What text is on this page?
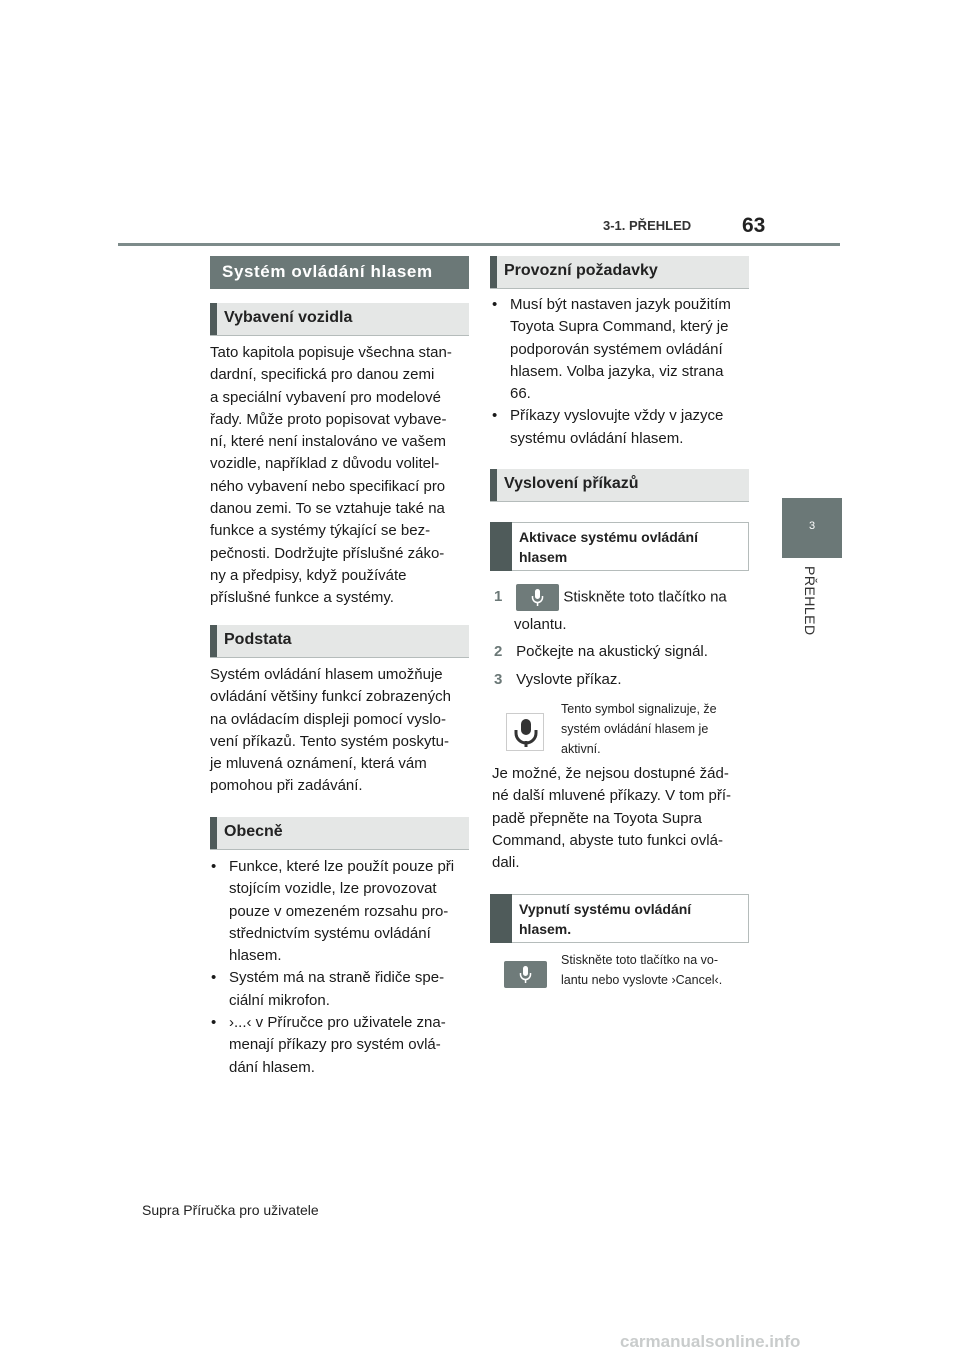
3-1. PŘEHLED 63
3
PŘEHLED
Systém ovládání hlasem
Vybavení vozidla
Tato kapitola popisuje všechna stan-
dardní, specifická pro danou zemi
a speciální vybavení pro modelové
řady. Může proto popisovat vybave-
ní, které není instalováno ve vašem
vozidle, například z důvodu volitel-
ného vybavení nebo specifikací pro
danou zemi. To se vztahuje také na
funkce a systémy týkající se bez-
pečnosti. Dodržujte příslušné záko-
ny a předpisy, když používáte
příslušné funkce a systémy.
Podstata
Systém ovládání hlasem umožňuje
ovládání většiny funkcí zobrazených
na ovládacím displeji pomocí vyslo-
vení příkazů. Tento systém poskytu-
je mluvená oznámení, která vám
pomohou při zadávání.
Obecně
• Funkce, které lze použít pouze při
stojícím vozidle, lze provozovat
pouze v omezeném rozsahu pro-
střednictvím systému ovládání
hlasem.
• Systém má na straně řidiče spe-
ciální mikrofon.
• ›...‹ v Příručce pro uživatele zna-
menají příkazy pro systém ovlá-
dání hlasem.
Provozní požadavky
• Musí být nastaven jazyk použitím
Toyota Supra Command, který je
podporován systémem ovládání
hlasem. Volba jazyka, viz strana
66.
• Příkazy vyslovujte vždy v jazyce
systému ovládání hlasem.
Vyslovení příkazů
Aktivace systému ovládání
hlasem
1	Stiskněte toto tlačítko na
volantu.
2 Počkejte na akustický signál.
3 Vyslovte příkaz.
Tento symbol signalizuje, že
systém ovládání hlasem je
aktivní.
Je možné, že nejsou dostupné žád-
né další mluvené příkazy. V tom pří-
padě přepněte na Toyota Supra
Command, abyste tuto funkci ovlá-
dali.
Vypnutí systému ovládání
hlasem.
Stiskněte toto tlačítko na vo-
lantu nebo vyslovte ›Cancel‹.
Supra Příručka pro uživatele
carmanualsonline.info
